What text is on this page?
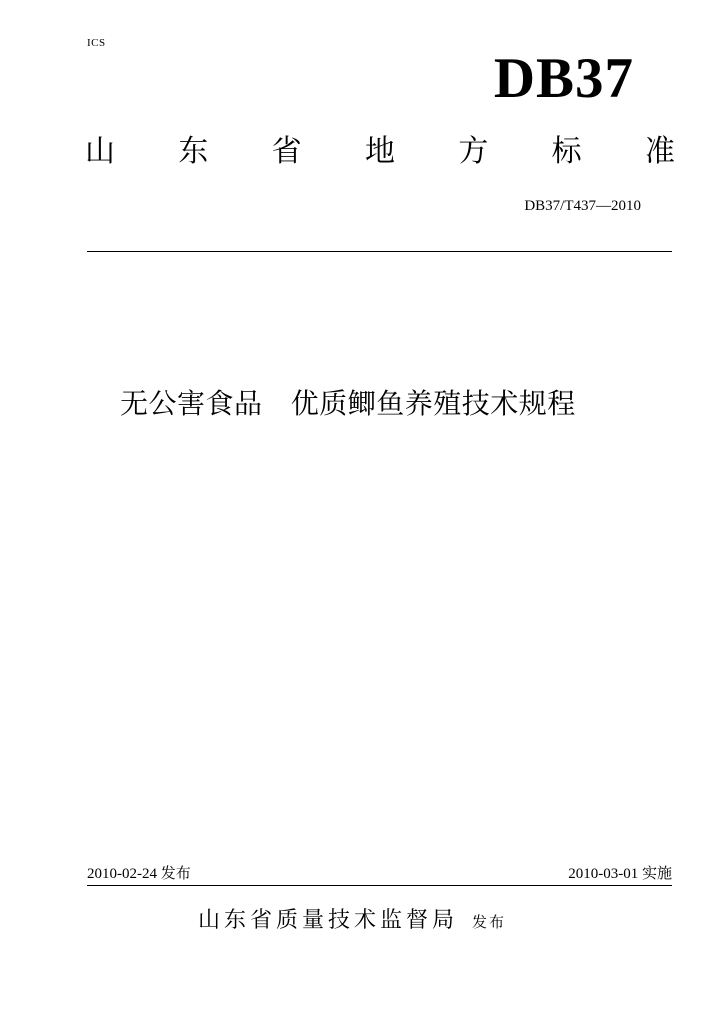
ICS
DB37
山 东 省 地 方 标 准
DB37/T437—2010
无公害食品   优质鲫鱼养殖技术规程
2010-02-24 发布	2010-03-01 实施
山东省质量技术监督局 发布
